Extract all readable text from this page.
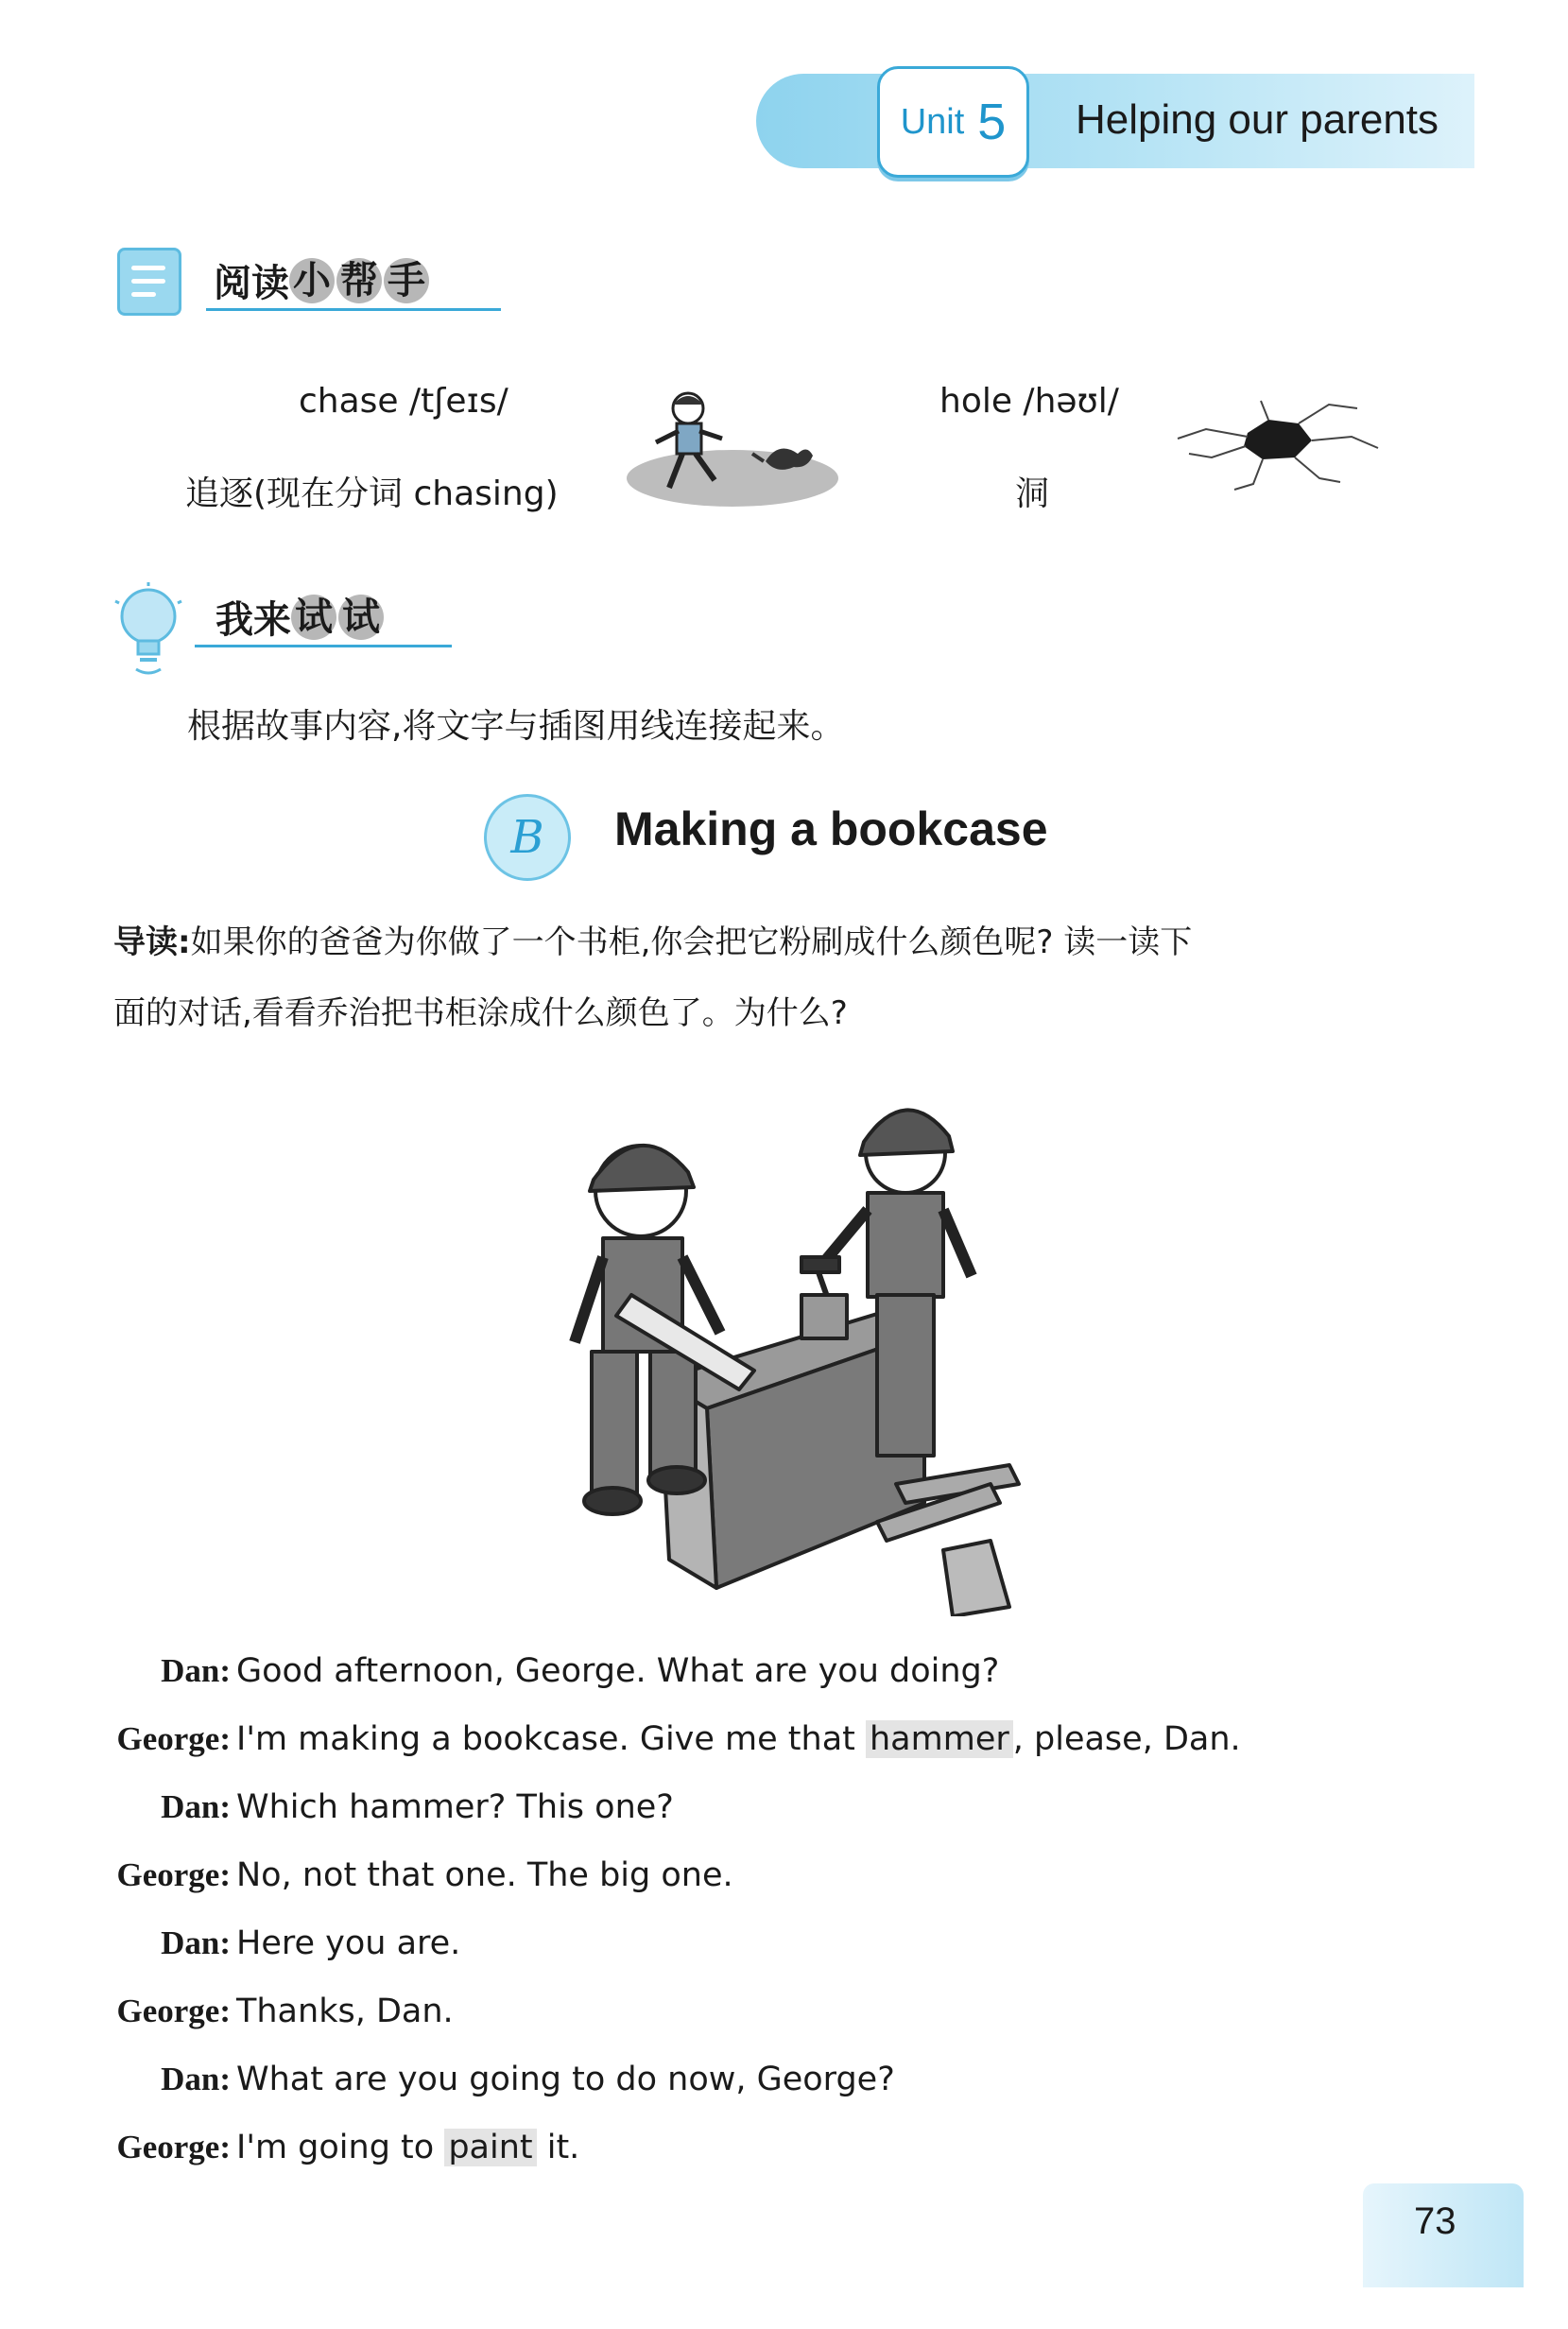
Unit 5 Helping our parents
阅读 小 帮 手
chase /tʃeɪs/
追逐(现在分词 chasing)
hole /həʊl/
洞
我来 试 试
根据故事内容,将文字与插图用线连接起来。
B	Making a bookcase
导读:如果你的爸爸为你做了一个书柜,你会把它粉刷成什么颜色呢? 读一读下
面的对话,看看乔治把书柜涂成什么颜色了。为什么?
Dan: Good afternoon, George. What are you doing?
George: I'm making a bookcase. Give me that hammer , please, Dan.
Dan: Which hammer? This one?
George: No, not that one. The big one.
Dan: Here you are.
George: Thanks, Dan.
Dan: What are you going to do now, George?
George: I'm going to paint it.
73
